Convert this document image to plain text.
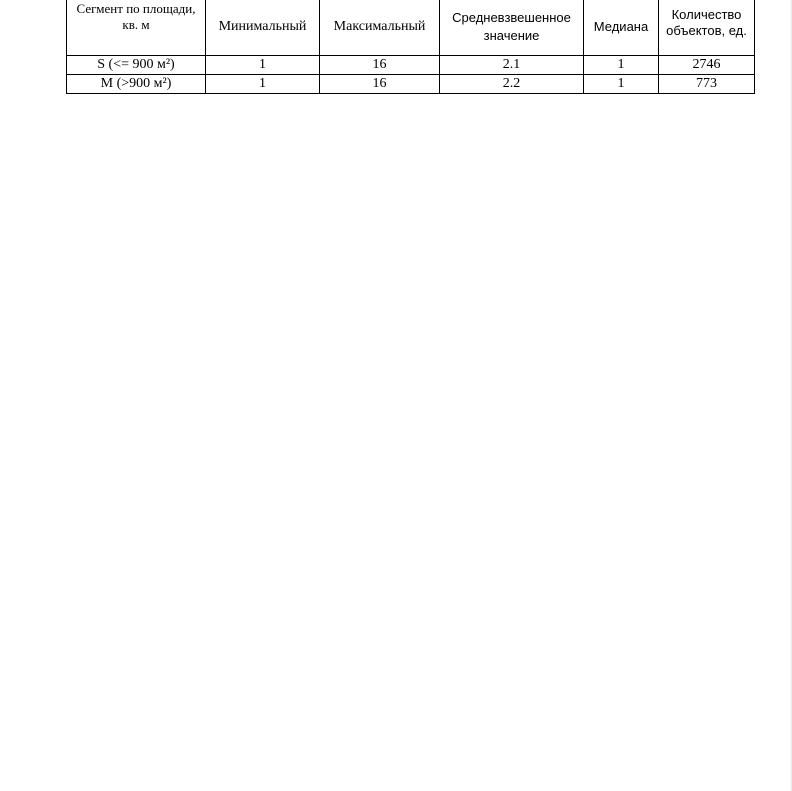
Сегмент по площади, кв. м	Минимальный	Максимальный	Средневзвешенное значение	Медиана	Количество объектов, ед.

S (<= 900 м²)	1	16	2.1	1	2746
M (>900 м²)	1	16	2.2	1	773
